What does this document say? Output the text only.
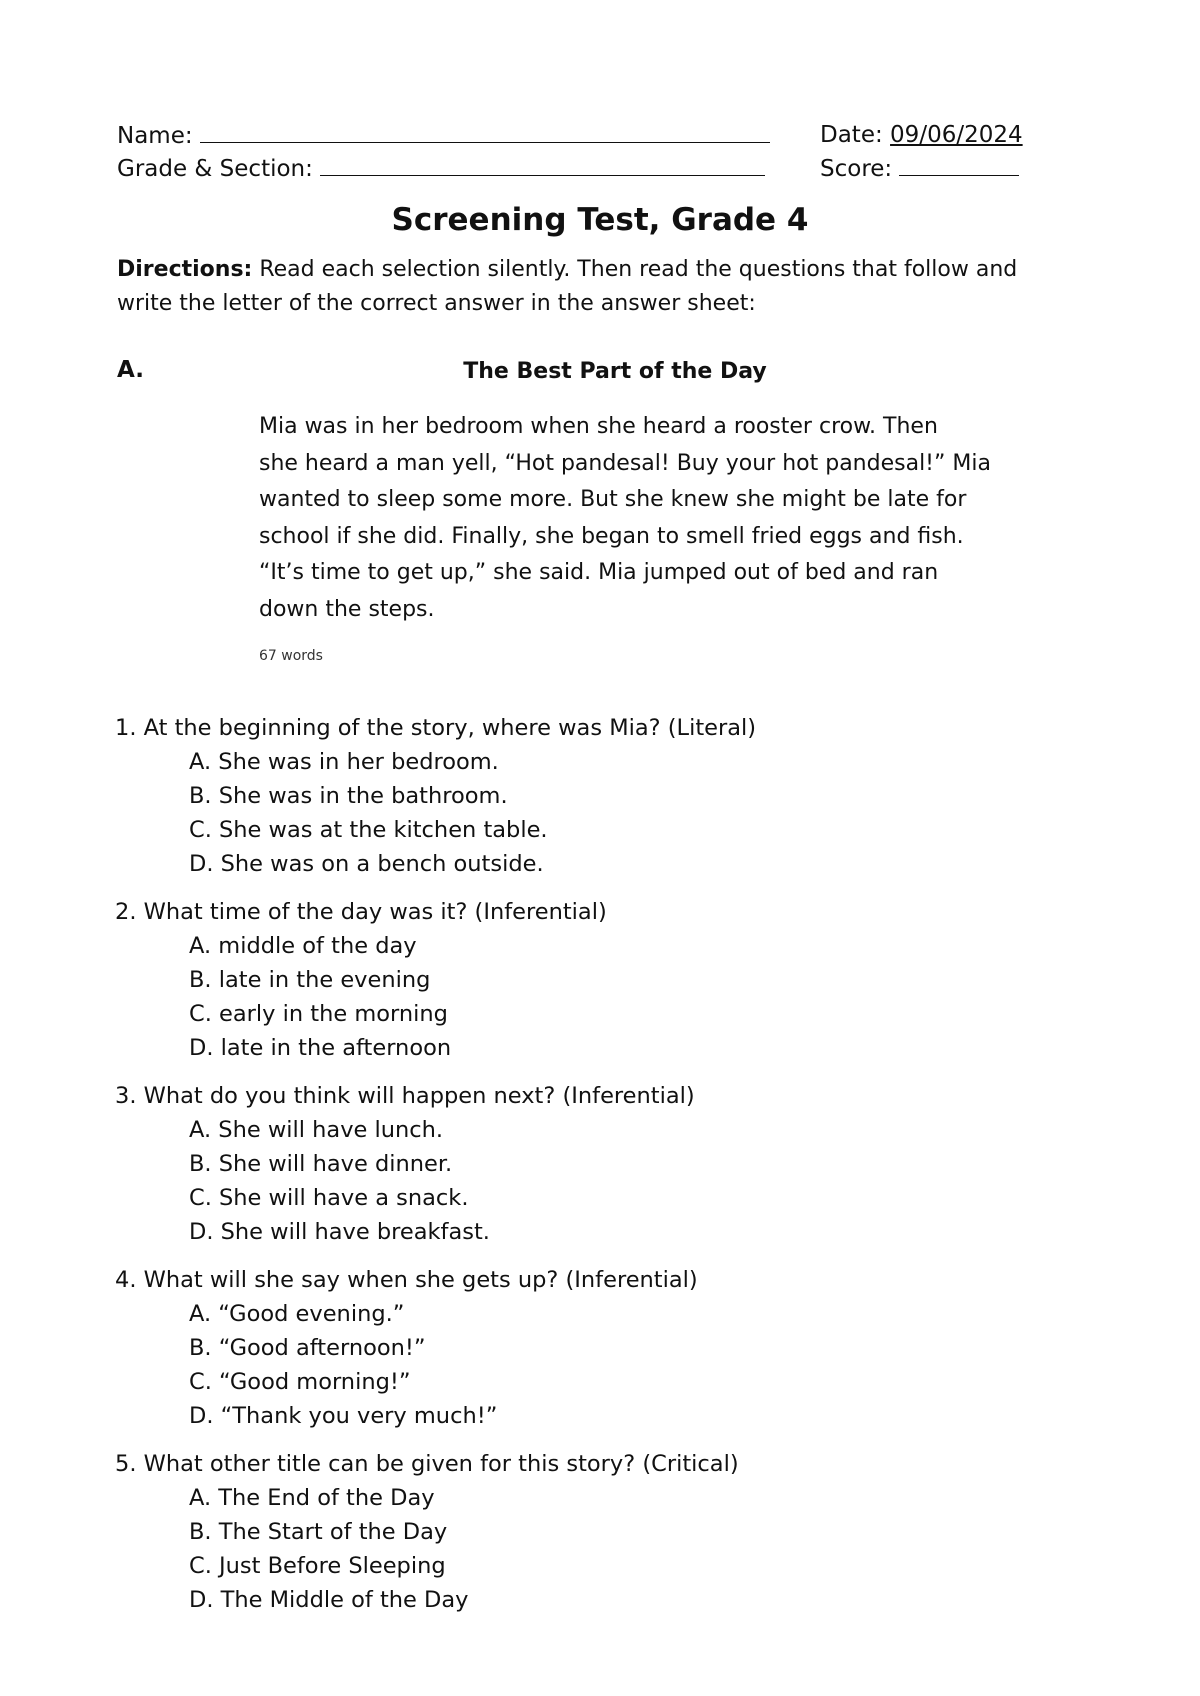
Name:
Grade & Section:
Date: 09/06/2024
Score:
Screening Test, Grade 4
Directions: Read each selection silently. Then read the questions that follow and write the letter of the correct answer in the answer sheet:
A.	The Best Part of the Day
Mia was in her bedroom when she heard a rooster crow. Then
she heard a man yell, “Hot pandesal! Buy your hot pandesal!” Mia
wanted to sleep some more. But she knew she might be late for
school if she did. Finally, she began to smell fried eggs and fish.
“It’s time to get up,” she said. Mia jumped out of bed and ran
down the steps.
67 words
1. At the beginning of the story, where was Mia? (Literal)
A. She was in her bedroom.
B. She was in the bathroom.
C. She was at the kitchen table.
D. She was on a bench outside.
2. What time of the day was it? (Inferential)
A. middle of the day
B. late in the evening
C. early in the morning
D. late in the afternoon
3. What do you think will happen next? (Inferential)
A. She will have lunch.
B. She will have dinner.
C. She will have a snack.
D. She will have breakfast.
4. What will she say when she gets up? (Inferential)
A. “Good evening.”
B. “Good afternoon!”
C. “Good morning!”
D. “Thank you very much!”
5. What other title can be given for this story? (Critical)
A. The End of the Day
B. The Start of the Day
C. Just Before Sleeping
D. The Middle of the Day
